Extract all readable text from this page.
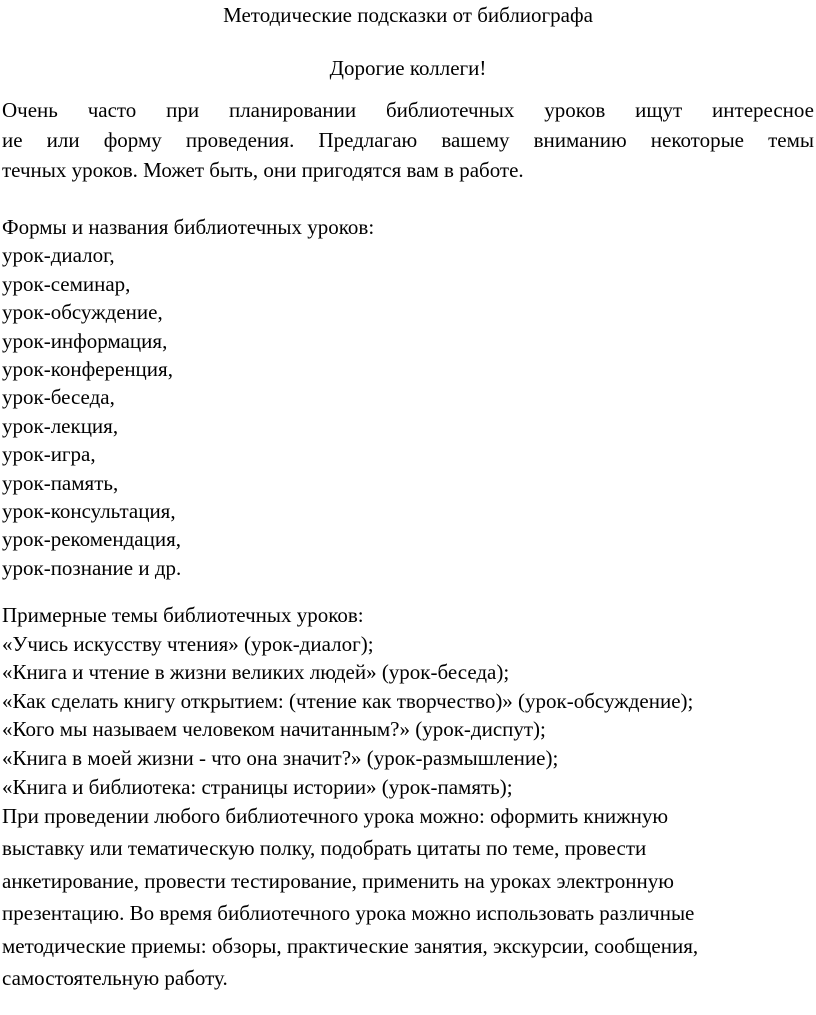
Методические подсказки от библиографа
Дорогие коллеги!
Очень часто при планировании библиотечных уроков ищут интересное
ие или форму проведения. Предлагаю вашему вниманию некоторые темы
течных уроков. Может быть, они пригодятся вам в работе.
Формы и названия библиотечных уроков:
урок-диалог,
урок-семинар,
урок-обсуждение,
урок-информация,
урок-конференция,
урок-беседа,
урок-лекция,
урок-игра,
урок-память,
урок-консультация,
урок-рекомендация,
урок-познание и др.
Примерные темы библиотечных уроков:
«Учись искусству чтения» (урок-диалог);
«Книга и чтение в жизни великих людей» (урок-беседа);
«Как сделать книгу открытием: (чтение как творчество)» (урок-обсуждение);
«Кого мы называем человеком начитанным?» (урок-диспут);
«Книга в моей жизни - что она значит?» (урок-размышление);
«Книга и библиотека: страницы истории» (урок-память);
При проведении любого библиотечного урока можно: оформить книжную
выставку или тематическую полку, подобрать цитаты по теме, провести
анкетирование, провести тестирование, применить на уроках электронную
презентацию. Во время библиотечного урока можно использовать различные
методические приемы: обзоры, практические занятия, экскурсии, сообщения,
самостоятельную работу.
